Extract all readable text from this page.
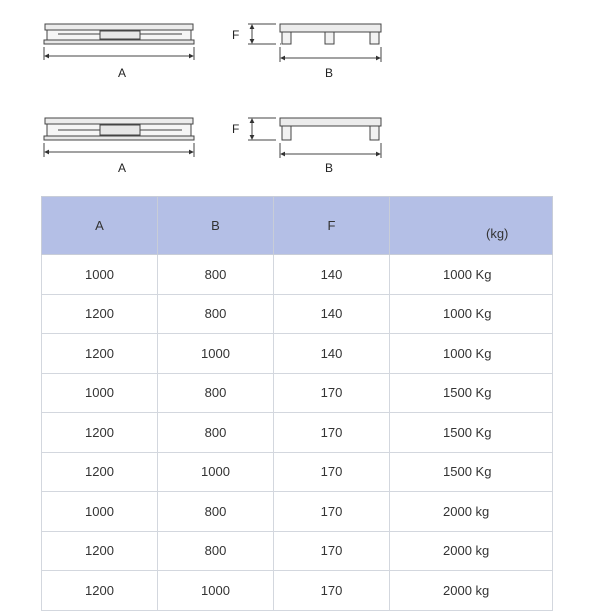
A
F
B
A
F
B
A	B	F	(kg)
1000	800	140	1000 Kg
1200	800	140	1000 Kg
1200	1000	140	1000 Kg
1000	800	170	1500 Kg
1200	800	170	1500 Kg
1200	1000	170	1500 Kg
1000	800	170	2000 kg
1200	800	170	2000 kg
1200	1000	170	2000 kg
